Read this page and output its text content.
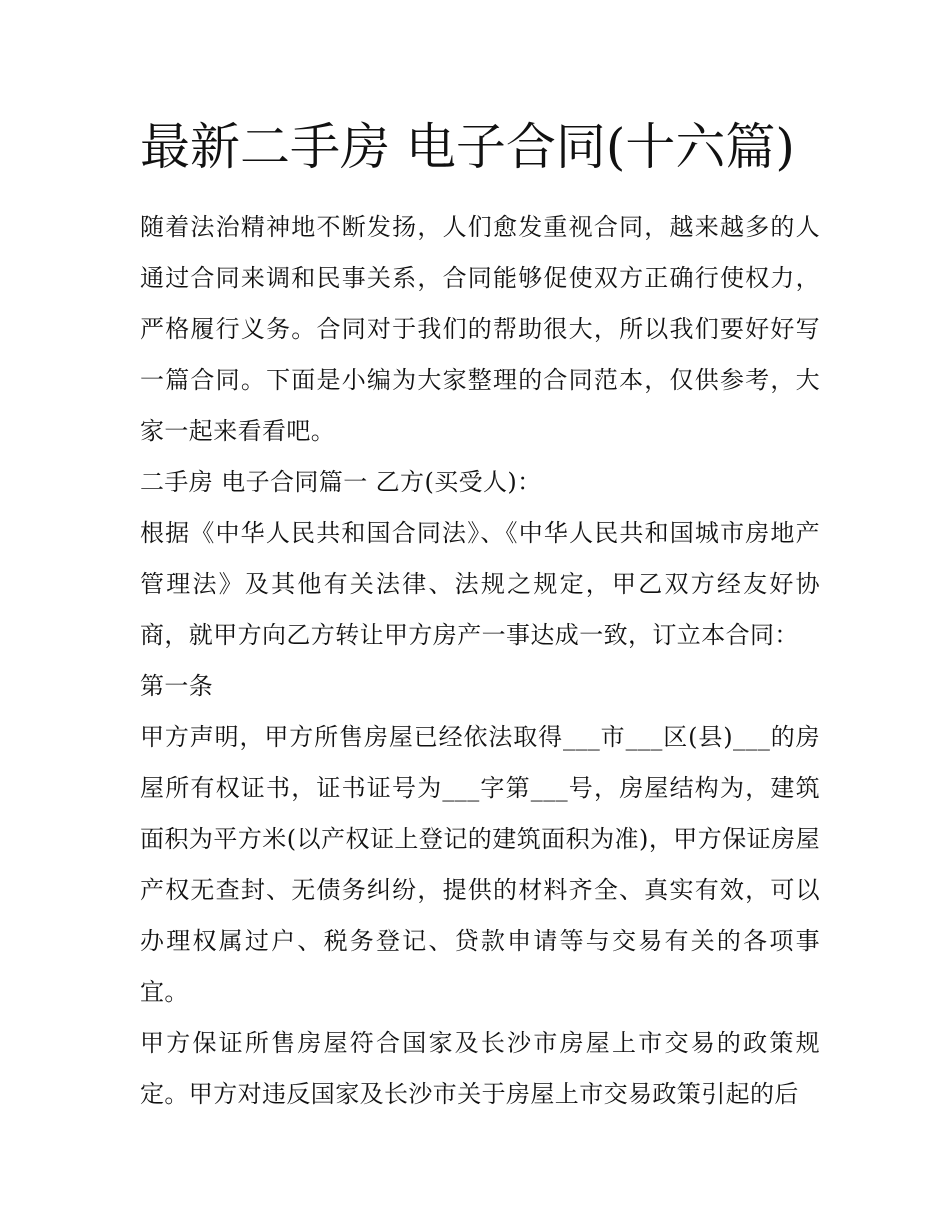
最新二手房 电子合同(十六篇)

随着法治精神地不断发扬，人们愈发重视合同，越来越多的人通过合同来调和民事关系，合同能够促使双方正确行使权力，严格履行义务。合同对于我们的帮助很大，所以我们要好好写一篇合同。下面是小编为大家整理的合同范本，仅供参考，大家一起来看看吧。

二手房 电子合同篇一 乙方(买受人)：

根据《中华人民共和国合同法》、《中华人民共和国城市房地产管理法》及其他有关法律、法规之规定，甲乙双方经友好协商，就甲方向乙方转让甲方房产一事达成一致，订立本合同：

第一条

甲方声明，甲方所售房屋已经依法取得___市___区(县)___的房屋所有权证书，证书证号为___字第___号，房屋结构为，建筑面积为平方米(以产权证上登记的建筑面积为准)，甲方保证房屋产权无查封、无债务纠纷，提供的材料齐全、真实有效，可以办理权属过户、税务登记、贷款申请等与交易有关的各项事宜。

甲方保证所售房屋符合国家及长沙市房屋上市交易的政策规定。甲方对违反国家及长沙市关于房屋上市交易政策引起的后
